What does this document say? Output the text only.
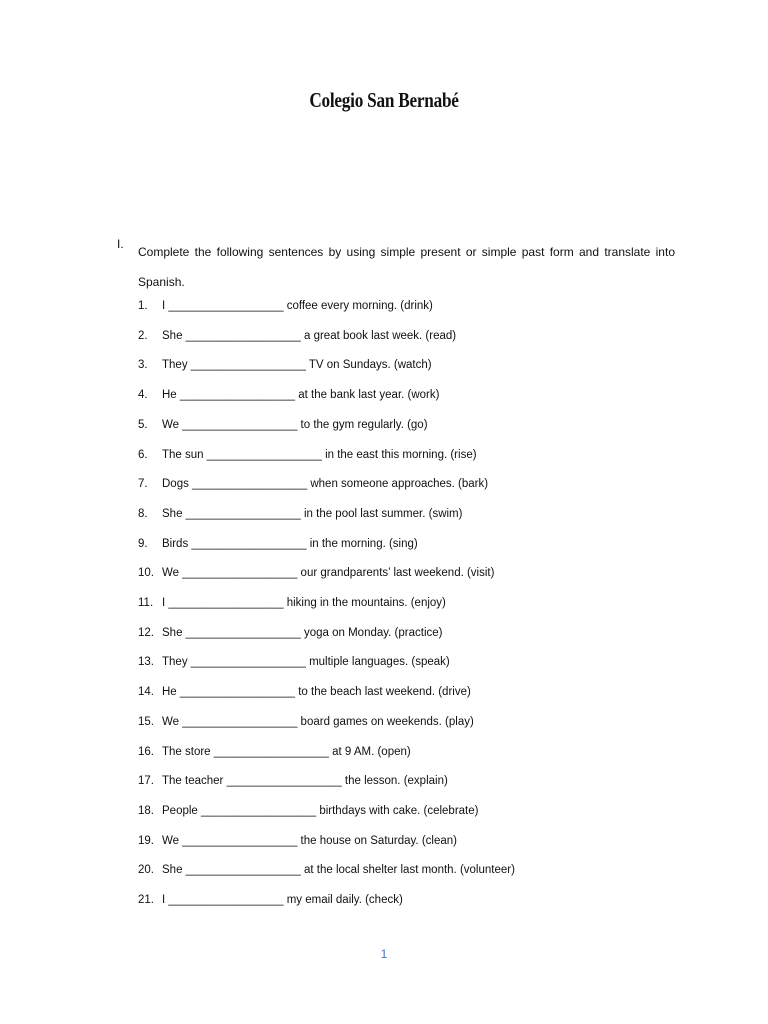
Colegio San Bernabé
I.
Complete the following sentences by using simple present or simple past form and translate into Spanish.
1. I __________________ coffee every morning. (drink)
2. She __________________ a great book last week. (read)
3. They __________________ TV on Sundays. (watch)
4. He __________________ at the bank last year. (work)
5. We __________________ to the gym regularly. (go)
6. The sun __________________ in the east this morning. (rise)
7. Dogs __________________ when someone approaches. (bark)
8. She __________________ in the pool last summer. (swim)
9. Birds __________________ in the morning. (sing)
10. We __________________ our grandparents’ last weekend. (visit)
11. I __________________ hiking in the mountains. (enjoy)
12. She __________________ yoga on Monday. (practice)
13. They __________________ multiple languages. (speak)
14. He __________________ to the beach last weekend. (drive)
15. We __________________ board games on weekends. (play)
16. The store __________________ at 9 AM. (open)
17. The teacher __________________ the lesson. (explain)
18. People __________________ birthdays with cake. (celebrate)
19. We __________________ the house on Saturday. (clean)
20. She __________________ at the local shelter last month. (volunteer)
21. I __________________ my email daily. (check)
1
